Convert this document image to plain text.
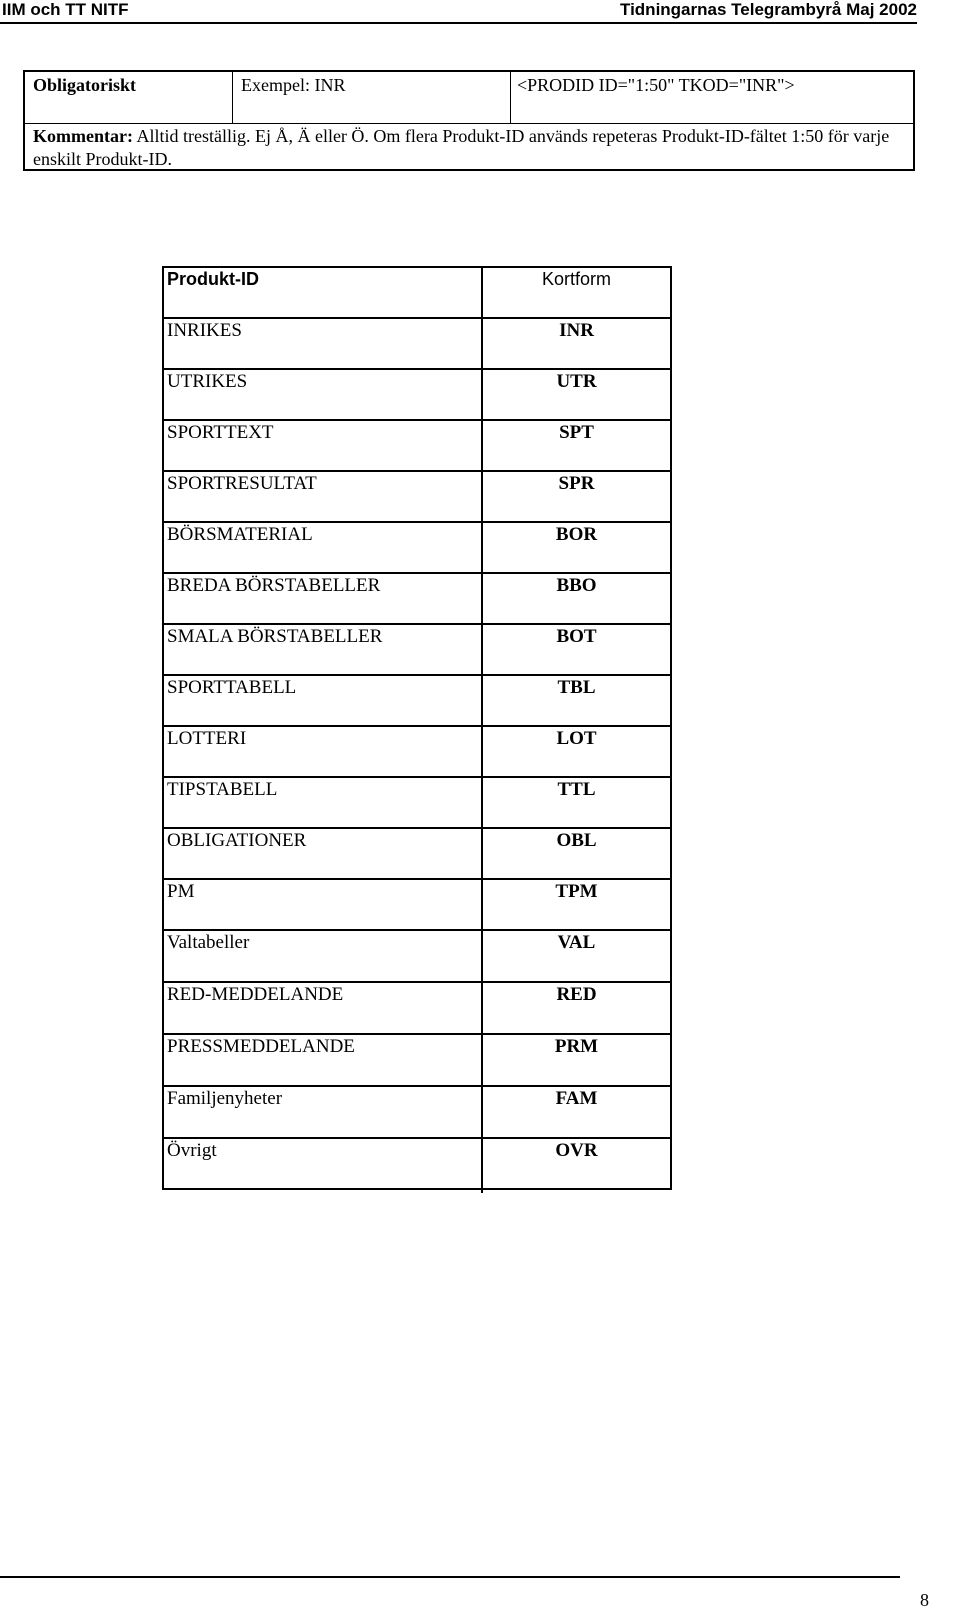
IIM och TT NITF	Tidningarnas Telegrambyrå Maj 2002
Obligatoriskt	Exempel: INR	<PRODID ID="1:50" TKOD="INR">
Kommentar: Alltid treställig. Ej Å, Ä eller Ö. Om flera Produkt-ID används repeteras Produkt-ID-fältet 1:50 för varje enskilt Produkt-ID.
Produkt-ID	Kortform
INRIKES	INR
UTRIKES	UTR
SPORTTEXT	SPT
SPORTRESULTAT	SPR
BÖRSMATERIAL	BOR
BREDA BÖRSTABELLER	BBO
SMALA BÖRSTABELLER	BOT
SPORTTABELL	TBL
LOTTERI	LOT
TIPSTABELL	TTL
OBLIGATIONER	OBL
PM	TPM
Valtabeller	VAL
RED-MEDDELANDE	RED
PRESSMEDDELANDE	PRM
Familjenyheter	FAM
Övrigt	OVR
8
